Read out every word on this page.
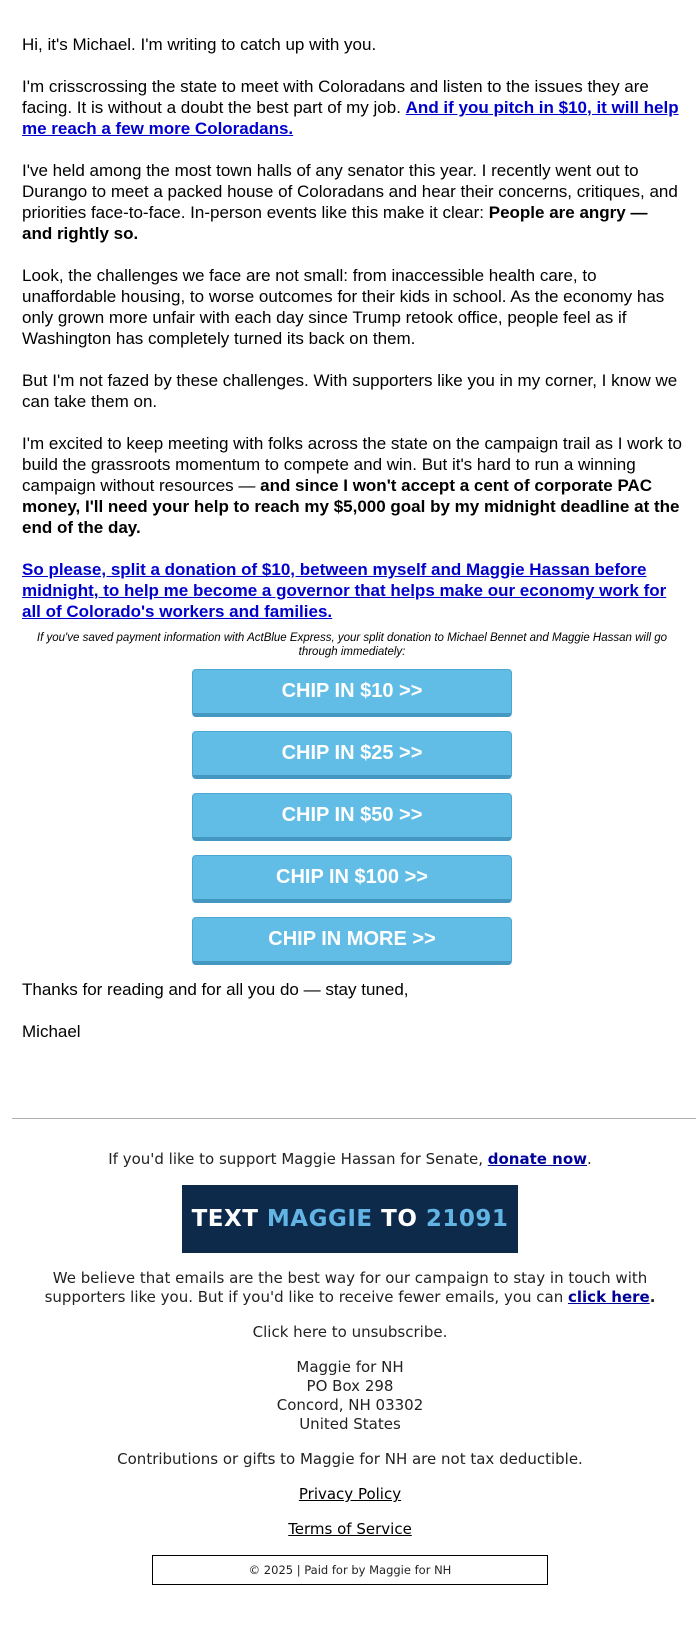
Hi, it's Michael. I'm writing to catch up with you.

I'm crisscrossing the state to meet with Coloradans and listen to the issues they are facing. It is without a doubt the best part of my job. And if you pitch in $10, it will help me reach a few more Coloradans.

I've held among the most town halls of any senator this year. I recently went out to Durango to meet a packed house of Coloradans and hear their concerns, critiques, and priorities face-to-face. In-person events like this make it clear: People are angry — and rightly so.

Look, the challenges we face are not small: from inaccessible health care, to unaffordable housing, to worse outcomes for their kids in school. As the economy has only grown more unfair with each day since Trump retook office, people feel as if Washington has completely turned its back on them.

But I'm not fazed by these challenges. With supporters like you in my corner, I know we can take them on.

I'm excited to keep meeting with folks across the state on the campaign trail as I work to build the grassroots momentum to compete and win. But it's hard to run a winning campaign without resources — and since I won't accept a cent of corporate PAC money, I'll need your help to reach my $5,000 goal by my midnight deadline at the end of the day.

So please, split a donation of $10, between myself and Maggie Hassan before midnight, to help me become a governor that helps make our economy work for all of Colorado's workers and families.

If you've saved payment information with ActBlue Express, your split donation to Michael Bennet and Maggie Hassan will go through immediately:
CHIP IN $10 >>
CHIP IN $25 >>
CHIP IN $50 >>
CHIP IN $100 >>
CHIP IN MORE >>

Thanks for reading and for all you do — stay tuned,

Michael

If you'd like to support Maggie Hassan for Senate, donate now.

TEXT
MAGGIE
TO
21091

We believe that emails are the best way for our campaign to stay in touch with supporters like you. But if you'd like to receive fewer emails, you can click here.

Click here to unsubscribe.

Maggie for NH
PO Box 298
Concord, NH 03302
United States

Contributions or gifts to Maggie for NH are not tax deductible.

Privacy Policy

Terms of Service

© 2025 | Paid for by Maggie for NH
